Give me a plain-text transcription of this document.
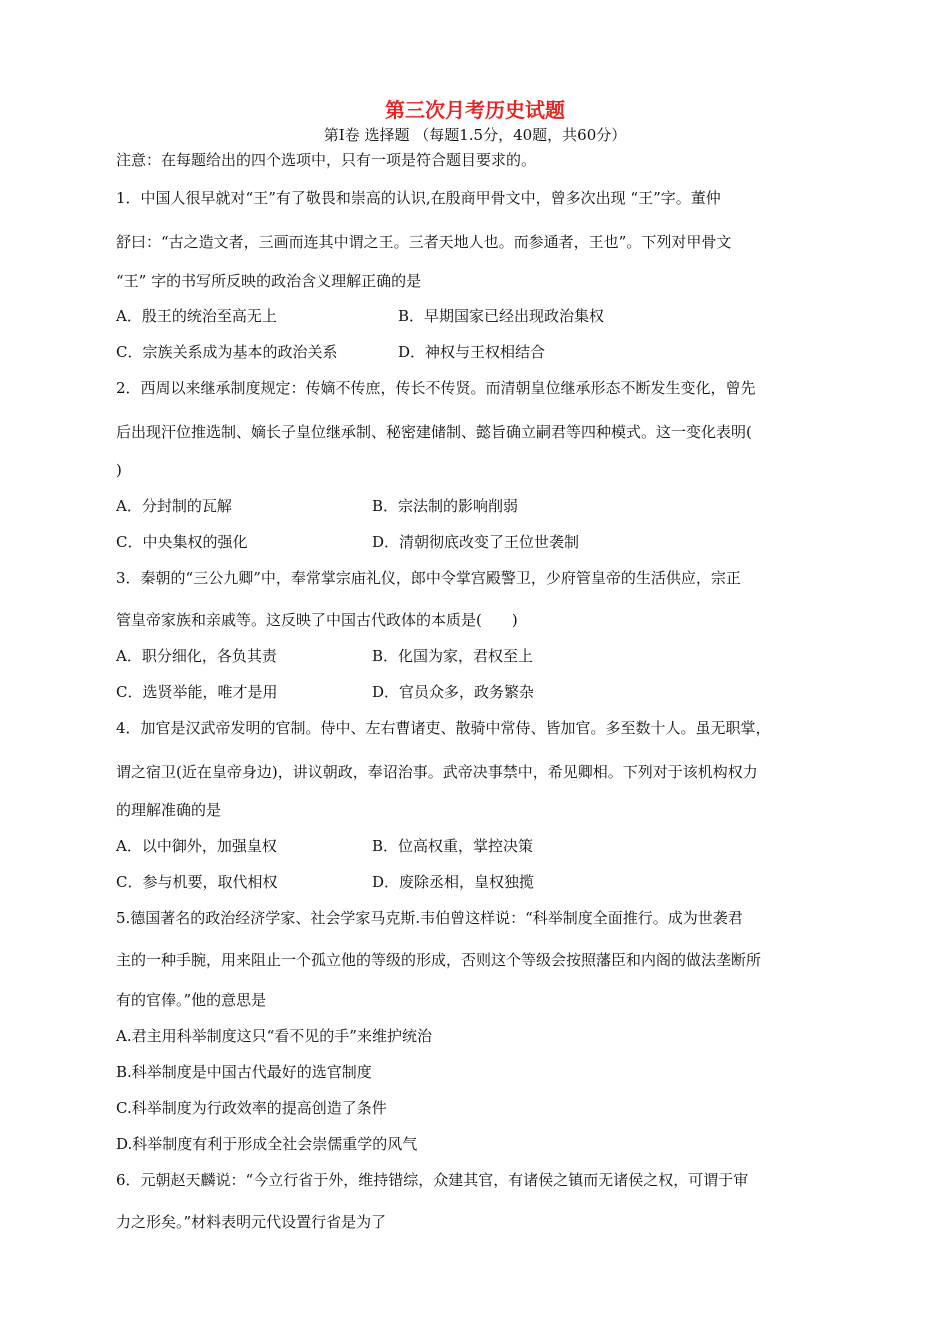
第三次月考历史试题
第Ⅰ卷 选择题 （每题1.5分，40题，共60分）
注意：在每题给出的四个选项中，只有一项是符合题目要求的。
1．中国人很早就对“王”有了敬畏和崇高的认识,在殷商甲骨文中，曾多次出现 “王”字。董仲
舒曰：“古之造文者，三画而连其中谓之王。三者天地人也。而参通者，王也”。下列对甲骨文
“王” 字的书写所反映的政治含义理解正确的是
A．殷王的统治至高无上	B．早期国家已经出现政治集权
C．宗族关系成为基本的政治关系	D．神权与王权相结合
2．西周以来继承制度规定：传嫡不传庶，传长不传贤。而清朝皇位继承形态不断发生变化，曾先
后出现汗位推选制、嫡长子皇位继承制、秘密建储制、懿旨确立嗣君等四种模式。这一变化表明(
)
A．分封制的瓦解	B．宗法制的影响削弱
C．中央集权的强化	D．清朝彻底改变了王位世袭制
3．秦朝的“三公九卿”中，奉常掌宗庙礼仪，郎中令掌宫殿警卫，少府管皇帝的生活供应，宗正
管皇帝家族和亲戚等。这反映了中国古代政体的本质是(　　)
A．职分细化，各负其责	B．化国为家，君权至上
C．选贤举能，唯才是用	D．官员众多，政务繁杂
4．加官是汉武帝发明的官制。侍中、左右曹诸吏、散骑中常侍、皆加官。多至数十人。虽无职掌，
谓之宿卫(近在皇帝身边)，讲议朝政，奉诏治事。武帝决事禁中，希见卿相。下列对于该机构权力
的理解准确的是
A．以中御外，加强皇权	B．位高权重，掌控决策
C．参与机要，取代相权	D．废除丞相，皇权独揽
5.德国著名的政治经济学家、社会学家马克斯.韦伯曾这样说：“科举制度全面推行。成为世袭君
主的一种手腕，用来阻止一个孤立他的等级的形成，否则这个等级会按照藩臣和内阁的做法垄断所
有的官俸。”他的意思是
A.君主用科举制度这只“看不见的手”来维护统治
B.科举制度是中国古代最好的选官制度
C.科举制度为行政效率的提高创造了条件
D.科举制度有利于形成全社会崇儒重学的风气
6．元朝赵天麟说：“今立行省于外，维持错综，众建其官，有诸侯之镇而无诸侯之权，可谓于审
力之形矣。”材料表明元代设置行省是为了
